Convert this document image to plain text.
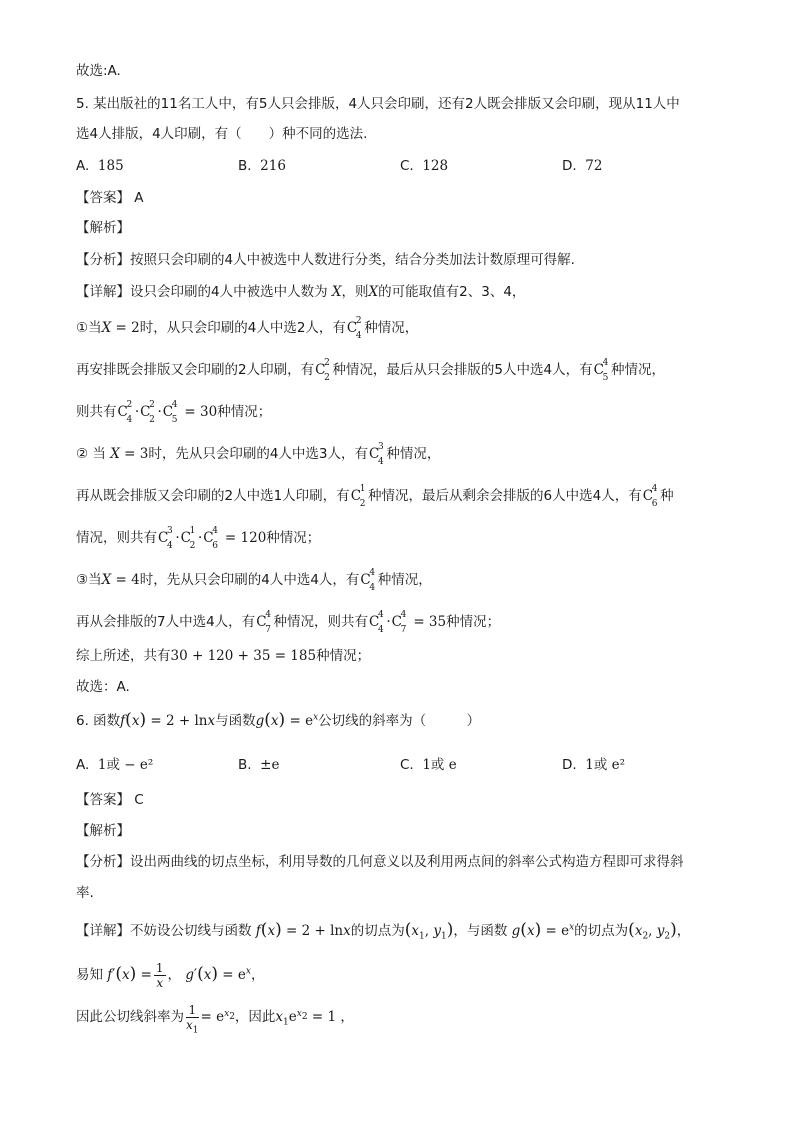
故选:A.
5. 某出版社的11名工人中，有5人只会排版，4人只会印刷，还有2人既会排版又会印刷，现从11人中
选4人排版，4人印刷，有（　　）种不同的选法.
A. 185	B. 216	C. 128	D. 72
【答案】 A
【解析】
【分析】按照只会印刷的4人中被选中人数进行分类，结合分类加法计数原理可得解.
【详解】设只会印刷的4人中被选中人数为 X，则X的可能取值有2、3、4，
①当X = 2时，从只会印刷的4人中选2人，有C
2
4 种情况，
再安排既会排版又会印刷的2人印刷，有C
2
2 种情况，最后从只会排版的5人中选4人，有C
4
5 种情况，
则共有C
2
4 ·C
2
2 ·C
4
5 = 30种情况；
② 当 X = 3时，先从只会印刷的4人中选3人，有C
3
4 种情况，
再从既会排版又会印刷的2人中选1人印刷，有C
1
2 种情况，最后从剩余会排版的6人中选4人，有C
4
6 种
情况，则共有C
3
4 ·C
1
2 ·C
4
6 = 120种情况；
③当X = 4时，先从只会印刷的4人中选4人，有C
4
4 种情况，
再从会排版的7人中选4人，有C
4
7 种情况，则共有C
4
4 ·C
4
7 = 35种情况；
综上所述，共有30 + 120 + 35 = 185种情况；
故选：A.
6. 函数f(x) = 2 + lnx与函数$g(x) = e^x$公切线的斜率为（　　　）
A. 1或 − e²	B. ±e	C. 1或 e	D. 1或 e²
【答案】 C
【解析】
【分析】设出两曲线的切点坐标，利用导数的几何意义以及利用两点间的斜率公式构造方程即可求得斜
率.
【详解】不妨设公切线与函数 f(x) = 2 + lnx的切点为($x_1$, $y_1$)，与函数 $g(x) = e^x$的切点为($x_2$, $y_2$)，
易知 $f'(x) = \frac{1}{x}$ ， $g'(x) = e^x$，
因此公切线斜率为 $\frac{1}{x_1} = e^{x_2}$，因此$x_1e^{x_2} = 1$ ，
